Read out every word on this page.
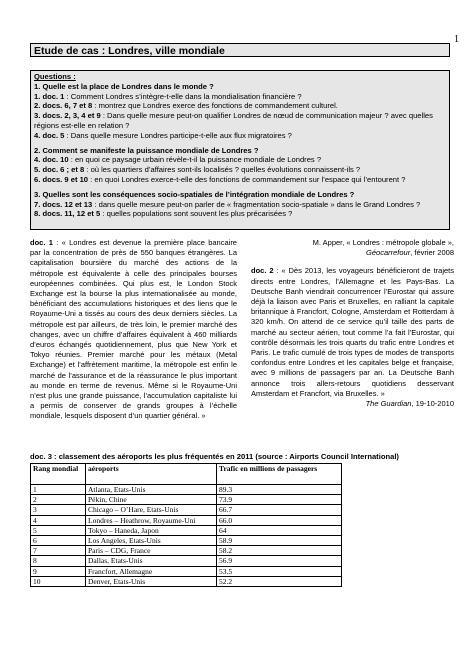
1
Etude de cas : Londres, ville mondiale
Questions :
1. Quelle est la place de Londres dans le monde ?
1. doc. 1 : Comment Londres s’intègre-t-elle dans la mondialisation financière ?
2. docs. 6, 7 et 8 : montrez que Londres exerce des fonctions de commandement culturel.
3. docs. 2, 3, 4 et 9 : Dans quelle mesure peut-on qualifier Londres de nœud de communication majeur ? avec quelles régions est-elle en relation ?
4. doc. 5 : Dans quelle mesure Londres participe-t-elle aux flux migratoires ?
2. Comment se manifeste la puissance mondiale de Londres ?
4. doc. 10 : en quoi ce paysage urbain révèle-t-il la puissance mondiale de Londres ?
5. doc. 6 ; et 8 : où les quartiers d’affaires sont-ils localisés ? quelles évolutions connaissent-ils ?
6. docs. 9 et 10 : en quoi Londres exerce-t-elle des fonctions de commandement sur l’espace qui l’entourent ?
3. Quelles sont les conséquences socio-spatiales de l’intégration mondiale de Londres ?
7. docs. 12 et 13 : dans quelle mesure peut-on parler de « fragmentation socio-spatiale » dans le Grand Londres ?
8. docs. 11, 12 et 5 : quelles populations sont souvent les plus précarisées ?
doc. 1 : « Londres est devenue la première place bancaire par la concentration de près de 550 banques étrangères. La capitalisation boursière du marché des actions de la métropole est équivalente à celle des principales bourses européennes combinées. Qui plus est, le London Stock Exchange est la bourse la plus internationalisée au monde, bénéficiant des accumulations historiques et des liens que le Royaume-Uni a tissés au cours des deux derniers siècles. La métropole est par ailleurs, de très loin, le premier marché des changes, avec un chiffre d’affaires équivalent à 460 milliards d’euros échangés quotidiennement, plus que New York et Tokyo réunies. Premier marché pour les métaux (Metal Exchange) et l’affrètement maritime, la métropole est enfin le marché de l’assurance et de la réassurance le plus important au monde en terme de revenus. Même si le Royaume-Uni n’est plus une grande puissance, l’accumulation capitaliste lui a permis de conserver de grands groupes à l’échelle mondiale, lesquels disposent d’un quartier général. »
M. Apper, « Londres : métropole globale »,
Géocarrefour, février 2008
doc. 2 : « Dès 2013, les voyageurs bénéficieront de trajets directs entre Londres, l’Allemagne et les Pays-Bas. La Deutsche Banh viendrait concurrencer l’Eurostar qui assure déjà la liaison avec Paris et Bruxelles, en ralliant la capitale britannique à Francfort, Cologne, Amsterdam et Rotterdam à 320 km/h. On attend de ce service qu’il taille des parts de marché au secteur aérien, tout comme l’a fait l’Eurostar, qui contrôle désormais les trois quarts du trafic entre Londres et Paris. Le trafic cumulé de trois types de modes de transports confondus entre Londres et les capitales belge et française, avec 9 millions de passagers par an. La Deutsche Banh annonce trois allers-retours quotidiens desservant Amsterdam et Francfort, via Bruxelles. »
The Guardian, 19-10-2010
doc. 3 : classement des aéroports les plus fréquentés en 2011 (source : Airports Council International)
Rang mondial	aéroports	Trafic en millions de passagers
1	Atlanta, Etats-Unis	89.3
2	Pékin, Chine	73.9
3	Chicago – O’Hare, Etats-Unis	66.7
4	Londres – Heathrow, Royaume-Uni	66.0
5	Tokyo – Haneda, Japon	64
6	Los Angeles, Etats-Unis	58.9
7	Paris – CDG, France	58.2
8	Dallas, Etats-Unis	56.9
9	Francfort, Allemagne	53.5
10	Denver, Etats-Unis	52.2
